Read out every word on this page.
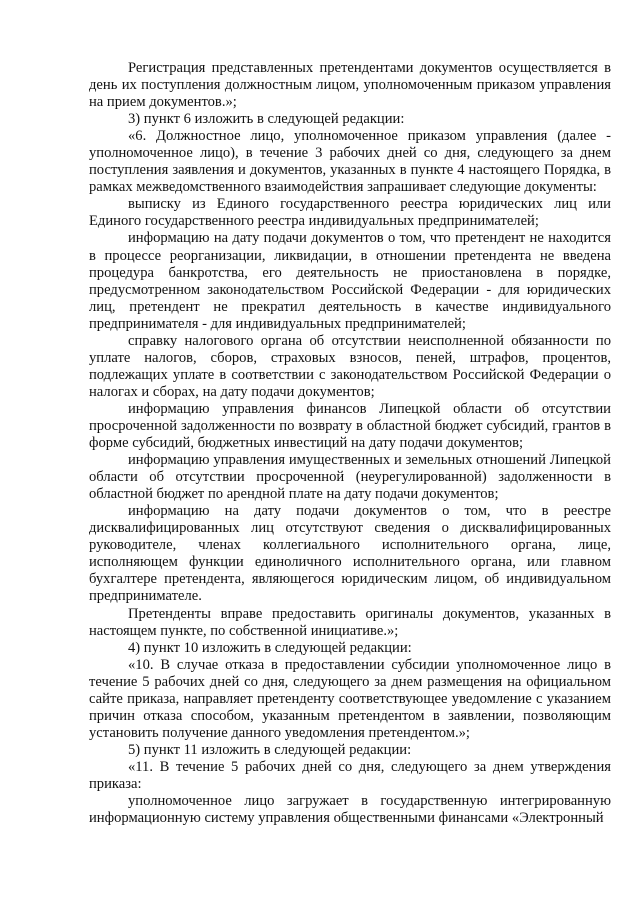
Регистрация представленных претендентами документов осуществляется в день их поступления должностным лицом, уполномоченным приказом управления на прием документов.»;

3) пункт 6 изложить в следующей редакции:

«6. Должностное лицо, уполномоченное приказом управления (далее - уполномоченное лицо), в течение 3 рабочих дней со дня, следующего за днем поступления заявления и документов, указанных в пункте 4 настоящего Порядка, в рамках межведомственного взаимодействия запрашивает следующие документы:

выписку из Единого государственного реестра юридических лиц или Единого государственного реестра индивидуальных предпринимателей;

информацию на дату подачи документов о том, что претендент не находится в процессе реорганизации, ликвидации, в отношении претендента не введена процедура банкротства, его деятельность не приостановлена в порядке, предусмотренном законодательством Российской Федерации - для юридических лиц, претендент не прекратил деятельность в качестве индивидуального предпринимателя - для индивидуальных предпринимателей;

справку налогового органа об отсутствии неисполненной обязанности по уплате налогов, сборов, страховых взносов, пеней, штрафов, процентов, подлежащих уплате в соответствии с законодательством Российской Федерации о налогах и сборах, на дату подачи документов;

информацию управления финансов Липецкой области об отсутствии просроченной задолженности по возврату в областной бюджет субсидий, грантов в форме субсидий, бюджетных инвестиций на дату подачи документов;

информацию управления имущественных и земельных отношений Липецкой области об отсутствии просроченной (неурегулированной) задолженности в областной бюджет по арендной плате на дату подачи документов;

информацию на дату подачи документов о том, что в реестре дисквалифицированных лиц отсутствуют сведения о дисквалифицированных руководителе, членах коллегиального исполнительного органа, лице, исполняющем функции единоличного исполнительного органа, или главном бухгалтере претендента, являющегося юридическим лицом, об индивидуальном предпринимателе.

Претенденты вправе предоставить оригиналы документов, указанных в настоящем пункте, по собственной инициативе.»;

4) пункт 10 изложить в следующей редакции:

«10. В случае отказа в предоставлении субсидии уполномоченное лицо в течение 5 рабочих дней со дня, следующего за днем размещения на официальном сайте приказа, направляет претенденту соответствующее уведомление с указанием причин отказа способом, указанным претендентом в заявлении, позволяющим установить получение данного уведомления претендентом.»;

5) пункт 11 изложить в следующей редакции:

«11. В течение 5 рабочих дней со дня, следующего за днем утверждения приказа:

уполномоченное лицо загружает в государственную интегрированную информационную систему управления общественными финансами «Электронный
